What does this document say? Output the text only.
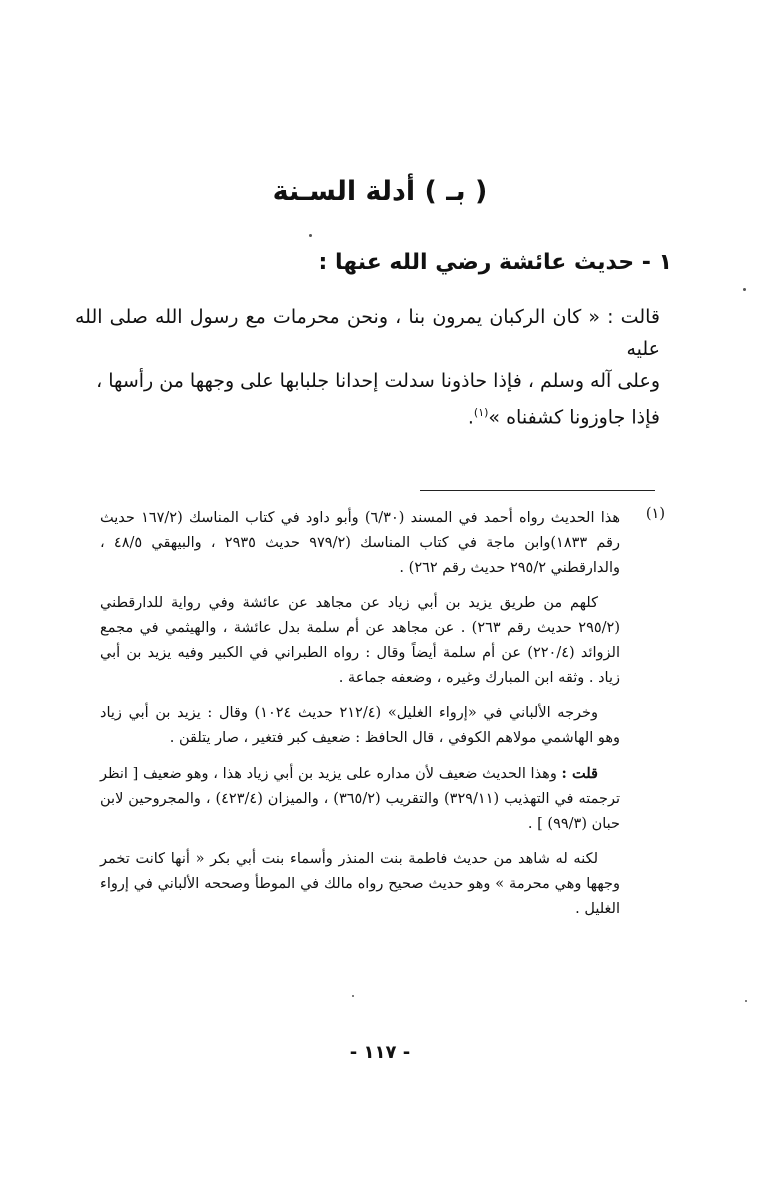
( بـ ) أدلة السـنة
١ - حديث عائشة رضي الله عنها :

قالت : « كان الركبان يمرون بنا ، ونحن محرمات مع رسول الله صلى الله عليه

وعلى آله وسلم ، فإذا حاذونا سدلت إحدانا جلبابها على وجهها من رأسها ،

فإذا جاوزونا كشفناه »$^{(١)}$.

(١)

هذا الحديث رواه أحمد في المسند (٦/٣٠) وأبو داود في كتاب المناسك (١٦٧/٢ حديث رقم ١٨٣٣)وابن ماجة في كتاب المناسك (٩٧٩/٢ حديث ٢٩٣٥ ، والبيهقي ٤٨/٥ ، والدارقطني ٢٩٥/٢ حديث رقم ٢٦٢) .

كلهم من طريق يزيد بن أبي زياد عن مجاهد عن عائشة وفي رواية للدارقطني (٢٩٥/٢ حديث رقم ٢٦٣) . عن مجاهد عن أم سلمة بدل عائشة ، والهيثمي في مجمع الزوائد (٢٢٠/٤) عن أم سلمة أيضاً وقال : رواه الطبراني في الكبير وفيه يزيد بن أبي زياد . وثقه ابن المبارك وغيره ، وضعفه جماعة .

وخرجه الألباني في «إرواء الغليل» (٢١٢/٤ حديث ١٠٢٤) وقال : يزيد بن أبي زياد وهو الهاشمي مولاهم الكوفي ، قال الحافظ : ضعيف كبر فتغير ، صار يتلقن .

قلت : وهذا الحديث ضعيف لأن مداره على يزيد بن أبي زياد هذا ، وهو ضعيف [ انظر ترجمته في التهذيب (٣٢٩/١١) والتقريب (٣٦٥/٢) ، والميزان (٤٢٣/٤) ، والمجروحين لابن حبان (٩٩/٣) ] .

لكنه له شاهد من حديث فاطمة بنت المنذر وأسماء بنت أبي بكر « أنها كانت تخمر وجهها وهي محرمة » وهو حديث صحيح رواه مالك في الموطأ وصححه الألباني في إرواء الغليل .

- ١١٧ -
